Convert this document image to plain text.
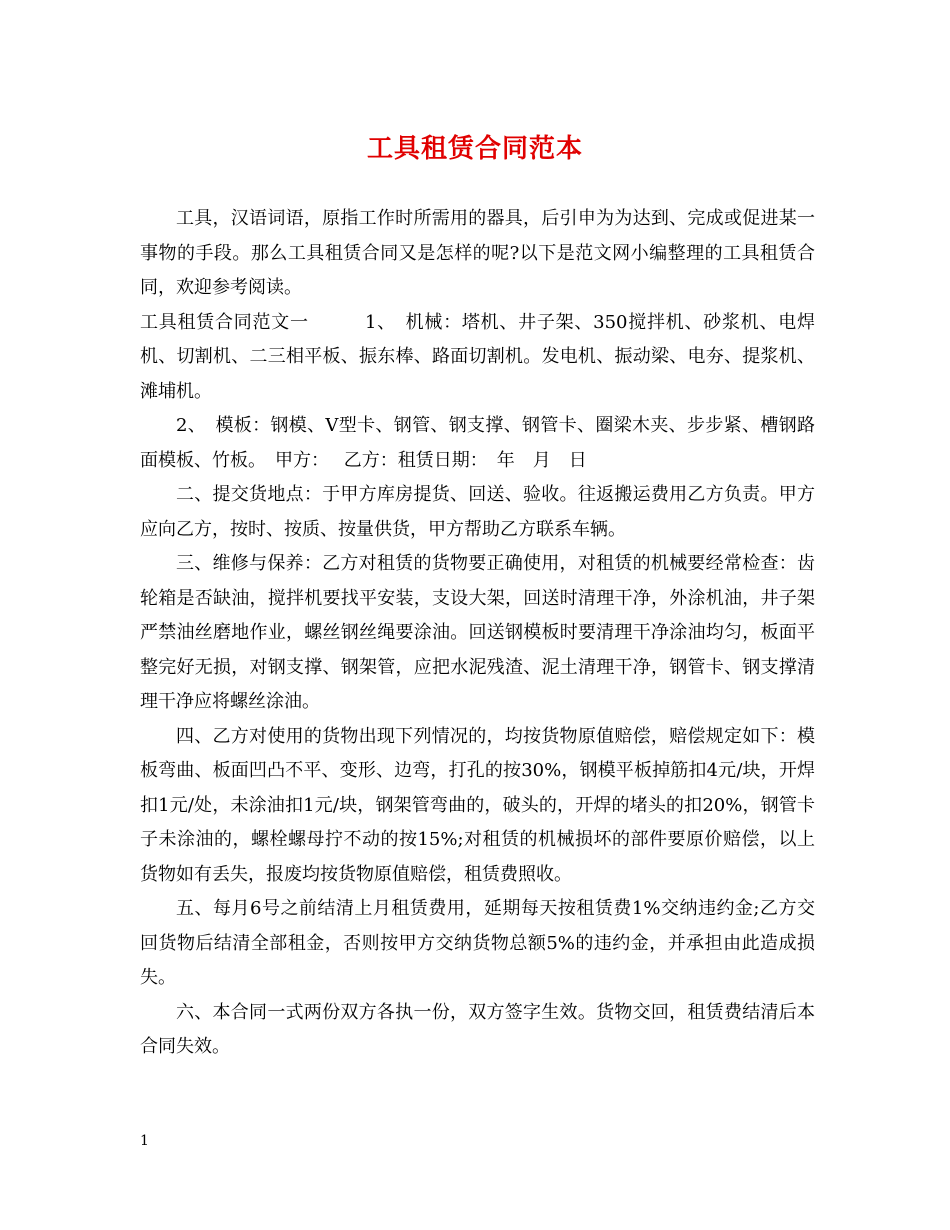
工具租赁合同范本

工具，汉语词语，原指工作时所需用的器具，后引申为为达到、完成或促进某一事物的手段。那么工具租赁合同又是怎样的呢?以下是范文网小编整理的工具租赁合同，欢迎参考阅读。

工具租赁合同范文一　　　1、　机械：塔机、井子架、350搅拌机、砂浆机、电焊机、切割机、二三相平板、振东棒、路面切割机。发电机、振动梁、电夯、提浆机、滩埔机。

2、　模板：钢模、V型卡、钢管、钢支撑、钢管卡、圈梁木夹、步步紧、槽钢路面模板、竹板。　甲方：　 乙方：租赁日期：　年　月　日

二、提交货地点：于甲方库房提货、回送、验收。往返搬运费用乙方负责。甲方应向乙方，按时、按质、按量供货，甲方帮助乙方联系车辆。

三、维修与保养：乙方对租赁的货物要正确使用，对租赁的机械要经常检查：齿轮箱是否缺油，搅拌机要找平安装，支设大架，回送时清理干净，外涂机油，井子架严禁油丝磨地作业，螺丝钢丝绳要涂油。回送钢模板时要清理干净涂油均匀，板面平整完好无损，对钢支撑、钢架管，应把水泥残渣、泥土清理干净，钢管卡、钢支撑清理干净应将螺丝涂油。

四、乙方对使用的货物出现下列情况的，均按货物原值赔偿，赔偿规定如下：模板弯曲、板面凹凸不平、变形、边弯，打孔的按30%，钢模平板掉筋扣4元/块，开焊扣1元/处，未涂油扣1元/块，钢架管弯曲的，破头的，开焊的堵头的扣20%，钢管卡子未涂油的，螺栓螺母拧不动的按15%;对租赁的机械损坏的部件要原价赔偿，以上货物如有丢失，报废均按货物原值赔偿，租赁费照收。

五、每月6号之前结清上月租赁费用，延期每天按租赁费1%交纳违约金;乙方交回货物后结清全部租金，否则按甲方交纳货物总额5%的违约金，并承担由此造成损失。

六、本合同一式两份双方各执一份，双方签字生效。货物交回，租赁费结清后本合同失效。

1
